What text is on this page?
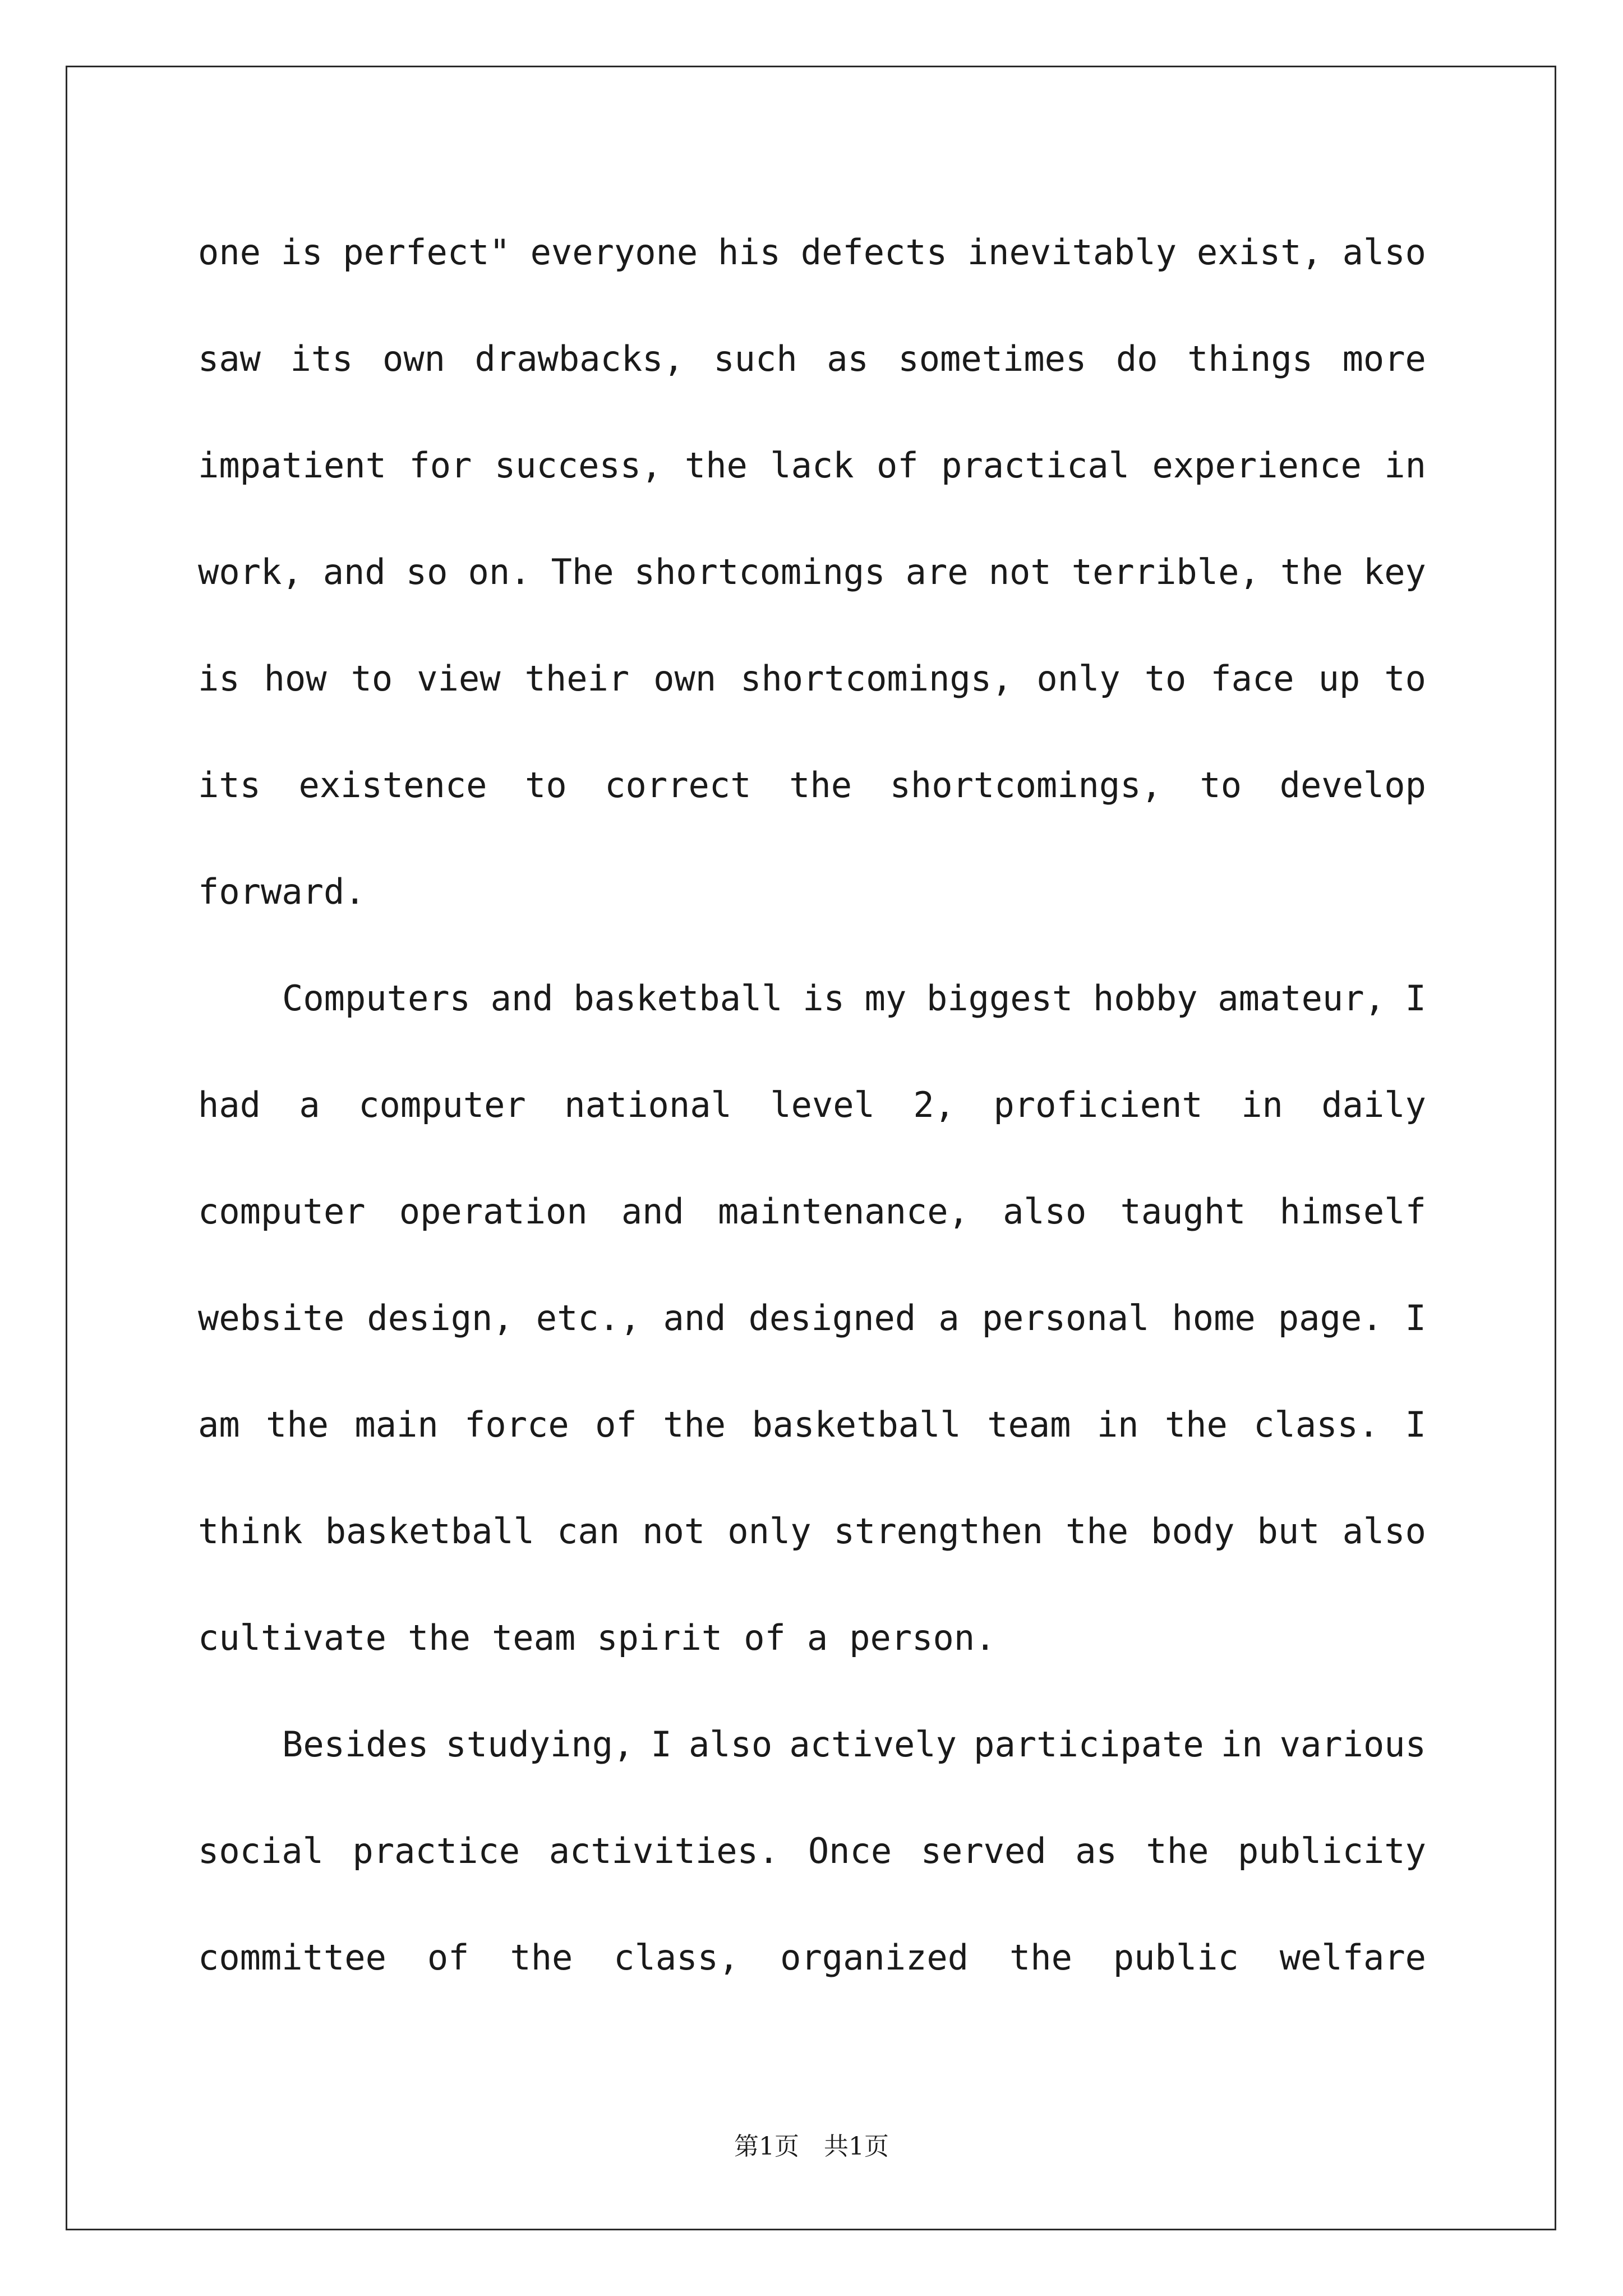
one is perfect" everyone his defects inevitably exist, also
saw its own drawbacks, such as sometimes do things more
impatient for success, the lack of practical experience in
work, and so on. The shortcomings are not terrible, the key
is how to view their own shortcomings, only to face up to
its existence to correct the shortcomings, to develop
forward.
Computers and basketball is my biggest hobby amateur, I
had a computer national level 2, proficient in daily
computer operation and maintenance, also taught himself
website design, etc., and designed a personal home page. I
am the main force of the basketball team in the class. I
think basketball can not only strengthen the body but also
cultivate the team spirit of a person.
Besides studying, I also actively participate in various
social practice activities. Once served as the publicity
committee of the class, organized the public welfare
第1页　共1页
